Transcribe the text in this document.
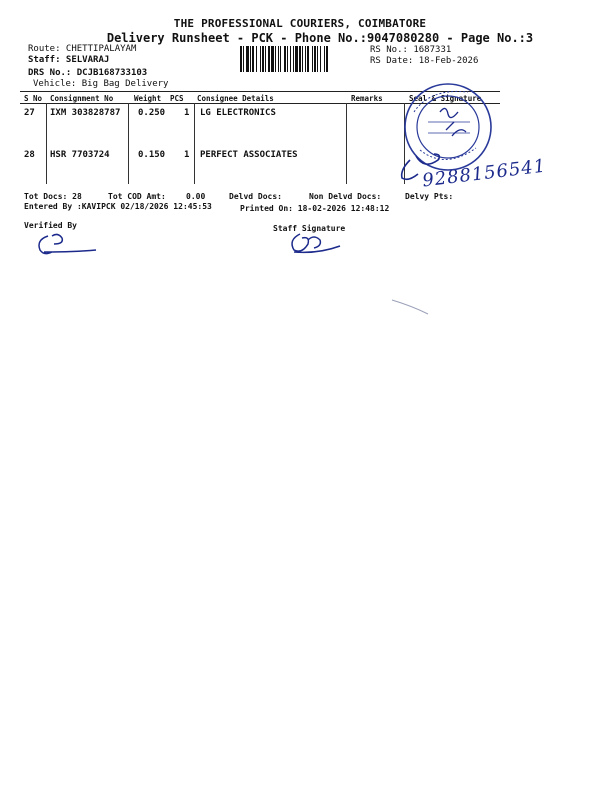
THE PROFESSIONAL COURIERS, COIMBATORE
Delivery Runsheet - PCK - Phone No.:9047080280 - Page No.:3
Route: CHETTIPALAYAM
Staff: SELVARAJ
DRS No.: DCJB168733103
Vehicle: Big Bag Delivery
RS No.: 1687331
RS Date: 18-Feb-2026
S No Consignment No	Weight PCS Consignee Details	Remarks	Seal & Signature
27 IXM 303828787 0.250 1 LG ELECTRONICS
28 HSR 7703724	0.150 1 PERFECT ASSOCIATES
Tot Docs: 28	Tot COD Amt:	0.00	Delvd Docs:	Non Delvd Docs:	Delvy Pts:
Entered By :KAVIPCK 02/18/2026 12:45:53	Printed On: 18-02-2026 12:48:12
Verified By	Staff Signature
9288156541
